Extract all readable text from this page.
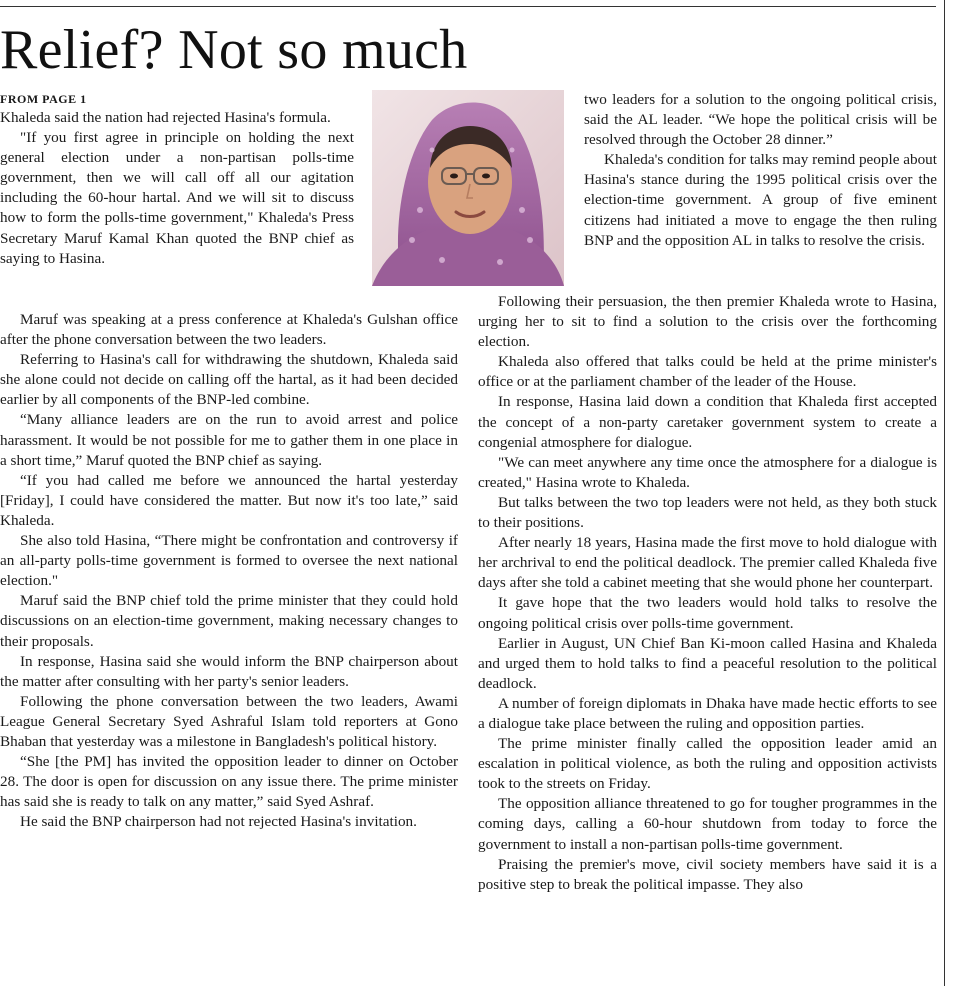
Relief? Not so much
FROM PAGE 1

Khaleda said the nation had rejected Hasina's formula.

"If you first agree in principle on holding the next general election under a non-partisan polls-time government, then we will call off all our agitation including the 60-hour hartal. And we will sit to discuss how to form the polls-time government," Khaleda's Press Secretary Maruf Kamal Khan quoted the BNP chief as saying to Hasina.

Maruf was speaking at a press conference at Khaleda's Gulshan office after the phone conversation between the two leaders.

Referring to Hasina's call for withdrawing the shutdown, Khaleda said she alone could not decide on calling off the hartal, as it had been decided earlier by all components of the BNP-led combine.

“Many alliance leaders are on the run to avoid arrest and police harassment. It would be not possible for me to gather them in one place in a short time,” Maruf quoted the BNP chief as saying.

“If you had called me before we announced the hartal yesterday [Friday], I could have considered the matter. But now it's too late,” said Khaleda.

She also told Hasina, “There might be confrontation and controversy if an all-party polls-time government is formed to oversee the next national election."

Maruf said the BNP chief told the prime minister that they could hold discussions on an election-time government, making necessary changes to their proposals.

In response, Hasina said she would inform the BNP chairperson about the matter after consulting with her party's senior leaders.

Following the phone conversation between the two leaders, Awami League General Secretary Syed Ashraful Islam told reporters at Gono Bhaban that yesterday was a milestone in Bangladesh's political history.

“She [the PM] has invited the opposition leader to dinner on October 28. The door is open for discussion on any issue there. The prime minister has said she is ready to talk on any matter,” said Syed Ashraf.

He said the BNP chairperson had not rejected Hasina's invitation.

two leaders for a solution to the ongoing political crisis, said the AL leader. “We hope the political crisis will be resolved through the October 28 dinner.”

Khaleda's condition for talks may remind people about Hasina's stance during the 1995 political crisis over the election-time government. A group of five eminent citizens had initiated a move to engage the then ruling BNP and the opposition AL in talks to resolve the crisis.

Following their persuasion, the then premier Khaleda wrote to Hasina, urging her to sit to find a solution to the crisis over the forthcoming election.

Khaleda also offered that talks could be held at the prime minister's office or at the parliament chamber of the leader of the House.

In response, Hasina laid down a condition that Khaleda first accepted the concept of a non-party caretaker government system to create a congenial atmosphere for dialogue.

"We can meet anywhere any time once the atmosphere for a dialogue is created," Hasina wrote to Khaleda.

But talks between the two top leaders were not held, as they both stuck to their positions.

After nearly 18 years, Hasina made the first move to hold dialogue with her archrival to end the political deadlock. The premier called Khaleda five days after she told a cabinet meeting that she would phone her counterpart.

It gave hope that the two leaders would hold talks to resolve the ongoing political crisis over polls-time government.

Earlier in August, UN Chief Ban Ki-moon called Hasina and Khaleda and urged them to hold talks to find a peaceful resolution to the political deadlock.

A number of foreign diplomats in Dhaka have made hectic efforts to see a dialogue take place between the ruling and opposition parties.

The prime minister finally called the opposition leader amid an escalation in political violence, as both the ruling and opposition activists took to the streets on Friday.

The opposition alliance threatened to go for tougher programmes in the coming days, calling a 60-hour shutdown from today to force the government to install a non-partisan polls-time government.

Praising the premier's move, civil society members have said it is a positive step to break the political impasse. They also
